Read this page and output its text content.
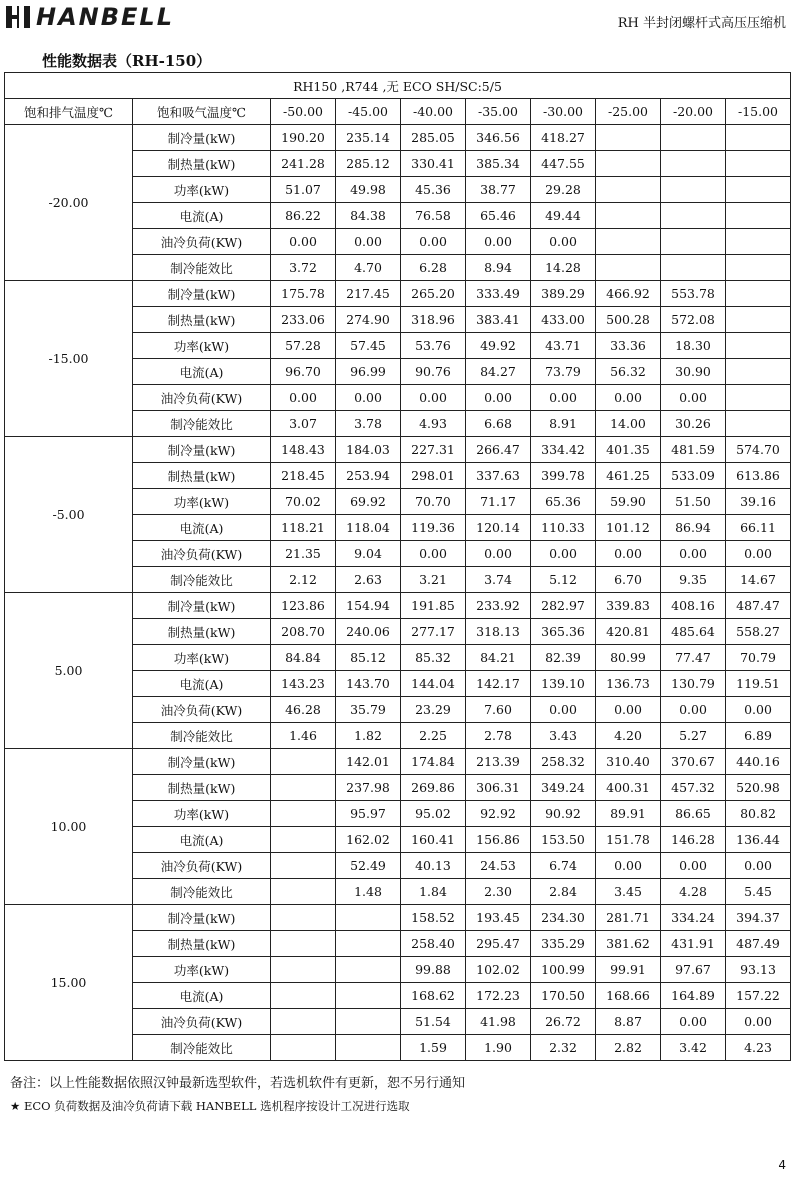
HANBELL	RH 半封闭螺杆式高压压缩机
性能数据表（RH-150）
RH150 ,R744 ,无 ECO SH/SC:5/5									
饱和排气温度℃	饱和吸气温度℃	-50.00	-45.00	-40.00	-35.00	-30.00	-25.00	-20.00	-15.00
-20.00	制冷量(kW)	190.20	235.14	285.05	346.56	418.27			
	制热量(kW)	241.28	285.12	330.41	385.34	447.55			
	功率(kW)	51.07	49.98	45.36	38.77	29.28			
	电流(A)	86.22	84.38	76.58	65.46	49.44			
	油冷负荷(KW)	0.00	0.00	0.00	0.00	0.00			
	制冷能效比	3.72	4.70	6.28	8.94	14.28			
-15.00	制冷量(kW)	175.78	217.45	265.20	333.49	389.29	466.92	553.78	
	制热量(kW)	233.06	274.90	318.96	383.41	433.00	500.28	572.08	
	功率(kW)	57.28	57.45	53.76	49.92	43.71	33.36	18.30	
	电流(A)	96.70	96.99	90.76	84.27	73.79	56.32	30.90	
	油冷负荷(KW)	0.00	0.00	0.00	0.00	0.00	0.00	0.00	
	制冷能效比	3.07	3.78	4.93	6.68	8.91	14.00	30.26	
-5.00	制冷量(kW)	148.43	184.03	227.31	266.47	334.42	401.35	481.59	574.70
	制热量(kW)	218.45	253.94	298.01	337.63	399.78	461.25	533.09	613.86
	功率(kW)	70.02	69.92	70.70	71.17	65.36	59.90	51.50	39.16
	电流(A)	118.21	118.04	119.36	120.14	110.33	101.12	86.94	66.11
	油冷负荷(KW)	21.35	9.04	0.00	0.00	0.00	0.00	0.00	0.00
	制冷能效比	2.12	2.63	3.21	3.74	5.12	6.70	9.35	14.67
5.00	制冷量(kW)	123.86	154.94	191.85	233.92	282.97	339.83	408.16	487.47
	制热量(kW)	208.70	240.06	277.17	318.13	365.36	420.81	485.64	558.27
	功率(kW)	84.84	85.12	85.32	84.21	82.39	80.99	77.47	70.79
	电流(A)	143.23	143.70	144.04	142.17	139.10	136.73	130.79	119.51
	油冷负荷(KW)	46.28	35.79	23.29	7.60	0.00	0.00	0.00	0.00
	制冷能效比	1.46	1.82	2.25	2.78	3.43	4.20	5.27	6.89
10.00	制冷量(kW)		142.01	174.84	213.39	258.32	310.40	370.67	440.16
	制热量(kW)		237.98	269.86	306.31	349.24	400.31	457.32	520.98
	功率(kW)		95.97	95.02	92.92	90.92	89.91	86.65	80.82
	电流(A)		162.02	160.41	156.86	153.50	151.78	146.28	136.44
	油冷负荷(KW)		52.49	40.13	24.53	6.74	0.00	0.00	0.00
	制冷能效比		1.48	1.84	2.30	2.84	3.45	4.28	5.45
15.00	制冷量(kW)			158.52	193.45	234.30	281.71	334.24	394.37
	制热量(kW)			258.40	295.47	335.29	381.62	431.91	487.49
	功率(kW)			99.88	102.02	100.99	99.91	97.67	93.13
	电流(A)			168.62	172.23	170.50	168.66	164.89	157.22
	油冷负荷(KW)			51.54	41.98	26.72	8.87	0.00	0.00
	制冷能效比			1.59	1.90	2.32	2.82	3.42	4.23
备注：以上性能数据依照汉钟最新选型软件，若选机软件有更新，恕不另行通知
★ ECO 负荷数据及油冷负荷请下载 HANBELL 选机程序按设计工况进行选取
4
